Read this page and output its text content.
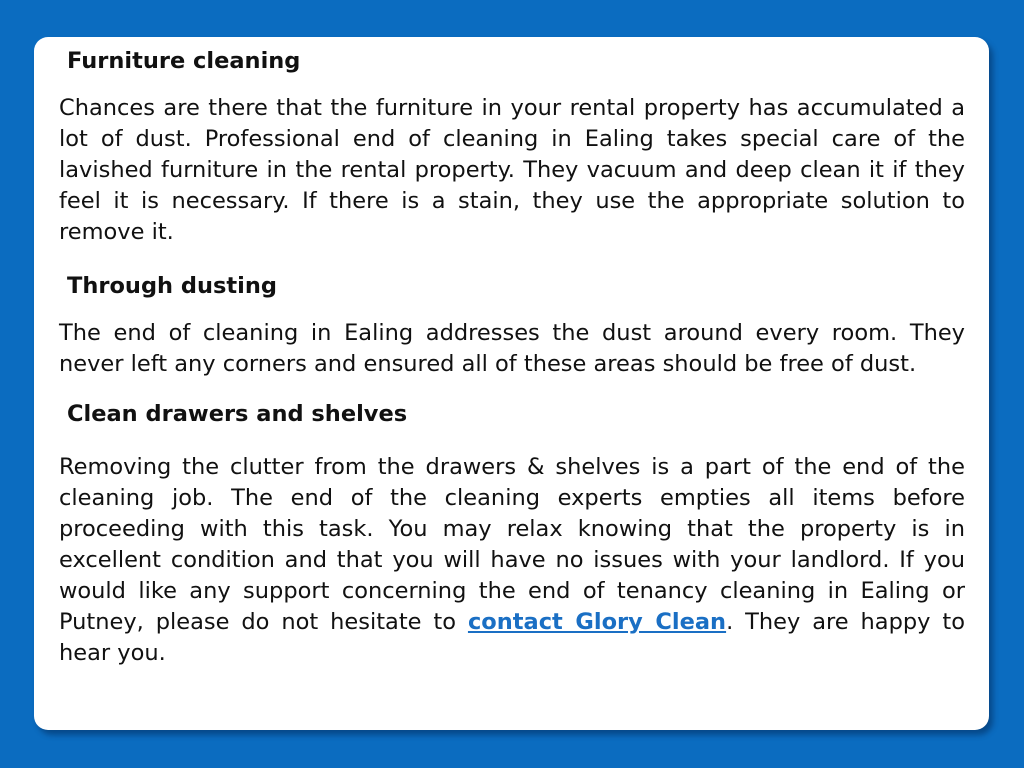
Furniture cleaning

Chances are there that the furniture in your rental property has accumulated a lot of dust. Professional end of cleaning in Ealing takes special care of the lavished furniture in the rental property. They vacuum and deep clean it if they feel it is necessary. If there is a stain, they use the appropriate solution to remove it.

Through dusting

The end of cleaning in Ealing addresses the dust around every room. They never left any corners and ensured all of these areas should be free of dust.

Clean drawers and shelves

Removing the clutter from the drawers & shelves is a part of the end of the cleaning job. The end of the cleaning experts empties all items before proceeding with this task. You may relax knowing that the property is in excellent condition and that you will have no issues with your landlord. If you would like any support concerning the end of tenancy cleaning in Ealing or Putney, please do not hesitate to contact Glory Clean. They are happy to hear you.
